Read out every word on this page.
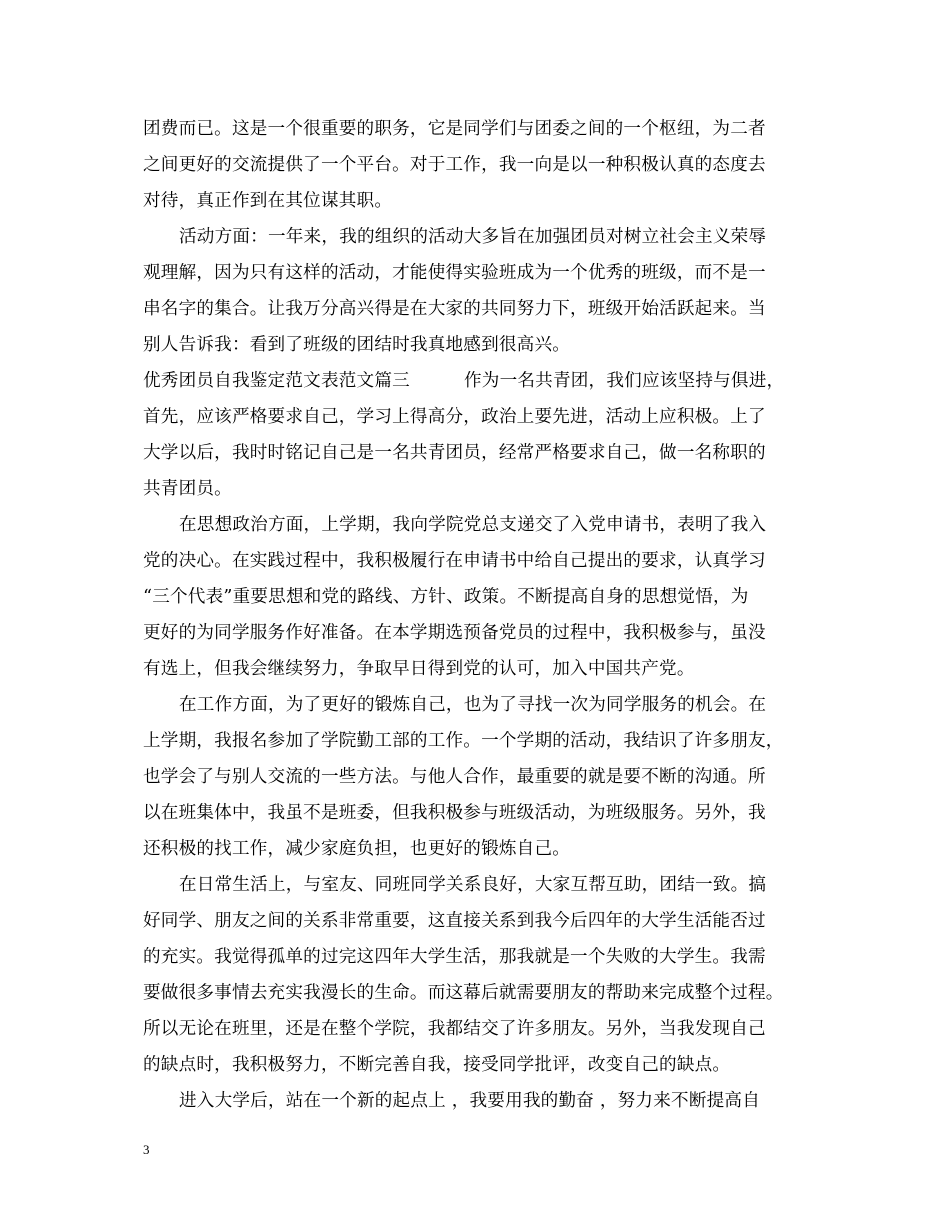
团费而已。这是一个很重要的职务，它是同学们与团委之间的一个枢纽，为二者
之间更好的交流提供了一个平台。对于工作，我一向是以一种积极认真的态度去
对待，真正作到在其位谋其职。
活动方面：一年来，我的组织的活动大多旨在加强团员对树立社会主义荣辱
观理解，因为只有这样的活动，才能使得实验班成为一个优秀的班级，而不是一
串名字的集合。让我万分高兴得是在大家的共同努力下，班级开始活跃起来。当
别人告诉我：看到了班级的团结时我真地感到很高兴。
优秀团员自我鉴定范文表范文篇三	作为一名共青团，我们应该坚持与俱进，
首先，应该严格要求自己，学习上得高分，政治上要先进，活动上应积极。上了
大学以后，我时时铭记自己是一名共青团员，经常严格要求自己，做一名称职的
共青团员。
在思想政治方面，上学期，我向学院党总支递交了入党申请书，表明了我入
党的决心。在实践过程中，我积极履行在申请书中给自己提出的要求，认真学习
“三个代表”重要思想和党的路线、方针、政策。不断提高自身的思想觉悟，为
更好的为同学服务作好准备。在本学期选预备党员的过程中，我积极参与，虽没
有选上，但我会继续努力，争取早日得到党的认可，加入中国共产党。
在工作方面，为了更好的锻炼自己，也为了寻找一次为同学服务的机会。在
上学期，我报名参加了学院勤工部的工作。一个学期的活动，我结识了许多朋友，
也学会了与别人交流的一些方法。与他人合作，最重要的就是要不断的沟通。所
以在班集体中，我虽不是班委，但我积极参与班级活动，为班级服务。另外，我
还积极的找工作，减少家庭负担，也更好的锻炼自己。
在日常生活上，与室友、同班同学关系良好，大家互帮互助，团结一致。搞
好同学、朋友之间的关系非常重要，这直接关系到我今后四年的大学生活能否过
的充实。我觉得孤单的过完这四年大学生活，那我就是一个失败的大学生。我需
要做很多事情去充实我漫长的生命。而这幕后就需要朋友的帮助来完成整个过程。
所以无论在班里，还是在整个学院，我都结交了许多朋友。另外，当我发现自己
的缺点时，我积极努力，不断完善自我，接受同学批评，改变自己的缺点。
进入大学后，站在一个新的起点上 ，我要用我的勤奋 ，努力来不断提高自
3
